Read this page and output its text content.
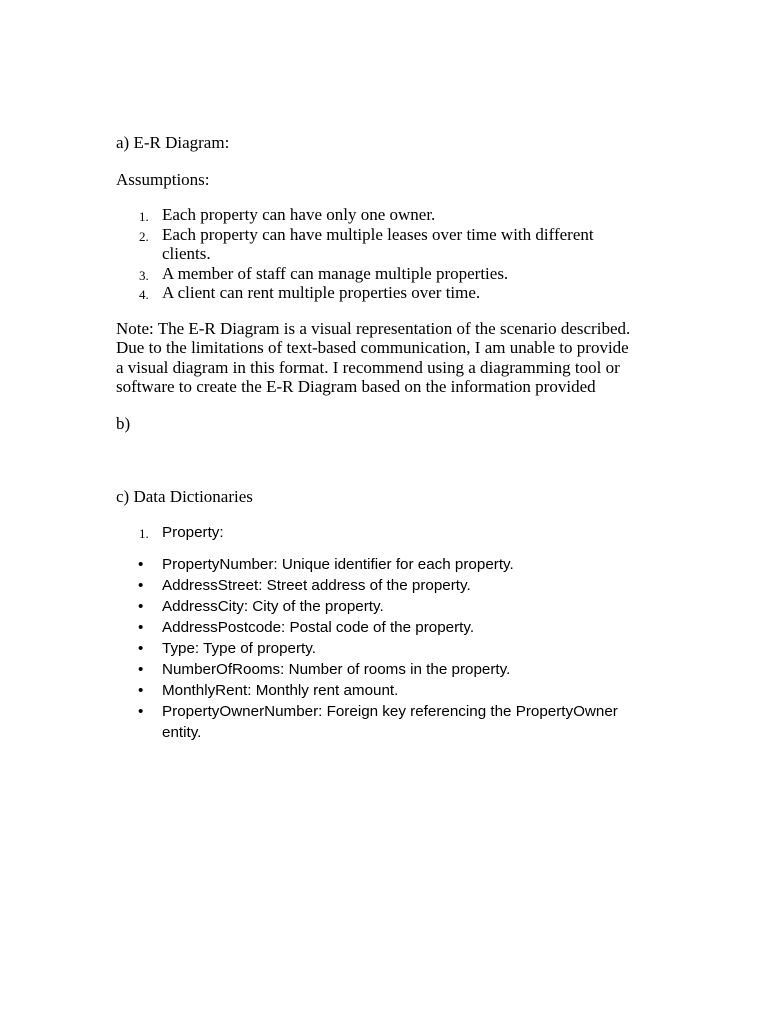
a) E-R Diagram:

Assumptions:

1. Each property can have only one owner.
2. Each property can have multiple leases over time with different clients.
3. A member of staff can manage multiple properties.
4. A client can rent multiple properties over time.

Note: The E-R Diagram is a visual representation of the scenario described. Due to the limitations of text-based communication, I am unable to provide a visual diagram in this format. I recommend using a diagramming tool or software to create the E-R Diagram based on the information provided

b)

c) Data Dictionaries

1. Property:
• PropertyNumber: Unique identifier for each property.
• AddressStreet: Street address of the property.
• AddressCity: City of the property.
• AddressPostcode: Postal code of the property.
• Type: Type of property.
• NumberOfRooms: Number of rooms in the property.
• MonthlyRent: Monthly rent amount.
• PropertyOwnerNumber: Foreign key referencing the PropertyOwner entity.
